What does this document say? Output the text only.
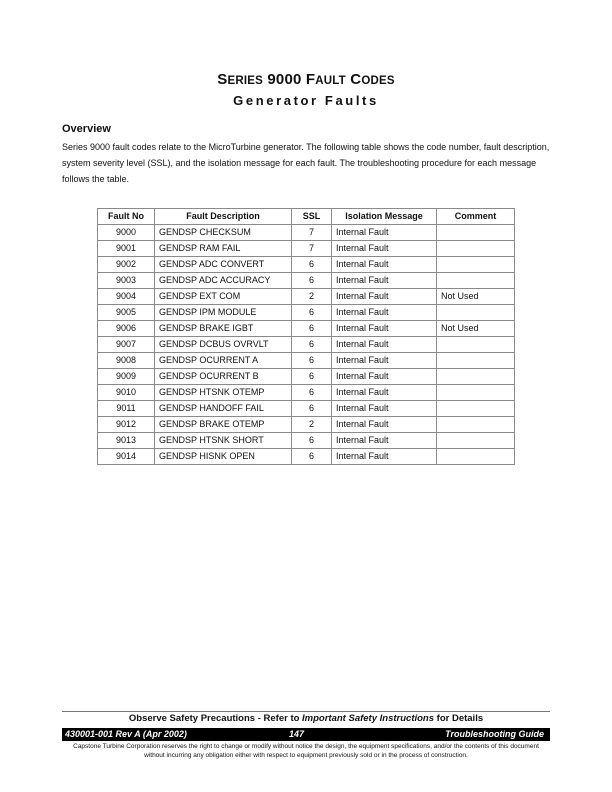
SERIES 9000 FAULT CODES
Generator Faults
Overview
Series 9000 fault codes relate to the MicroTurbine generator. The following table shows the code number, fault description, system severity level (SSL), and the isolation message for each fault. The troubleshooting procedure for each message follows the table.
Fault No	Fault Description	SSL	Isolation Message	Comment
9000	GENDSP CHECKSUM	7	Internal Fault	
9001	GENDSP RAM FAIL	7	Internal Fault	
9002	GENDSP ADC CONVERT	6	Internal Fault	
9003	GENDSP ADC ACCURACY	6	Internal Fault	
9004	GENDSP EXT COM	2	Internal Fault	Not Used
9005	GENDSP IPM MODULE	6	Internal Fault	
9006	GENDSP BRAKE IGBT	6	Internal Fault	Not Used
9007	GENDSP DCBUS OVRVLT	6	Internal Fault	
9008	GENDSP OCURRENT A	6	Internal Fault	
9009	GENDSP OCURRENT B	6	Internal Fault	
9010	GENDSP HTSNK OTEMP	6	Internal Fault	
9011	GENDSP HANDOFF FAIL	6	Internal Fault	
9012	GENDSP BRAKE OTEMP	2	Internal Fault	
9013	GENDSP HTSNK SHORT	6	Internal Fault	
9014	GENDSP HISNK OPEN	6	Internal Fault	
Observe Safety Precautions - Refer to Important Safety Instructions for Details
430001-001 Rev A (Apr 2002)	147	Troubleshooting Guide
Capstone Turbine Corporation reserves the right to change or modify without notice the design, the equipment specifications, and/or the contents of this document without incurring any obligation either with respect to equipment previously sold or in the process of construction.
